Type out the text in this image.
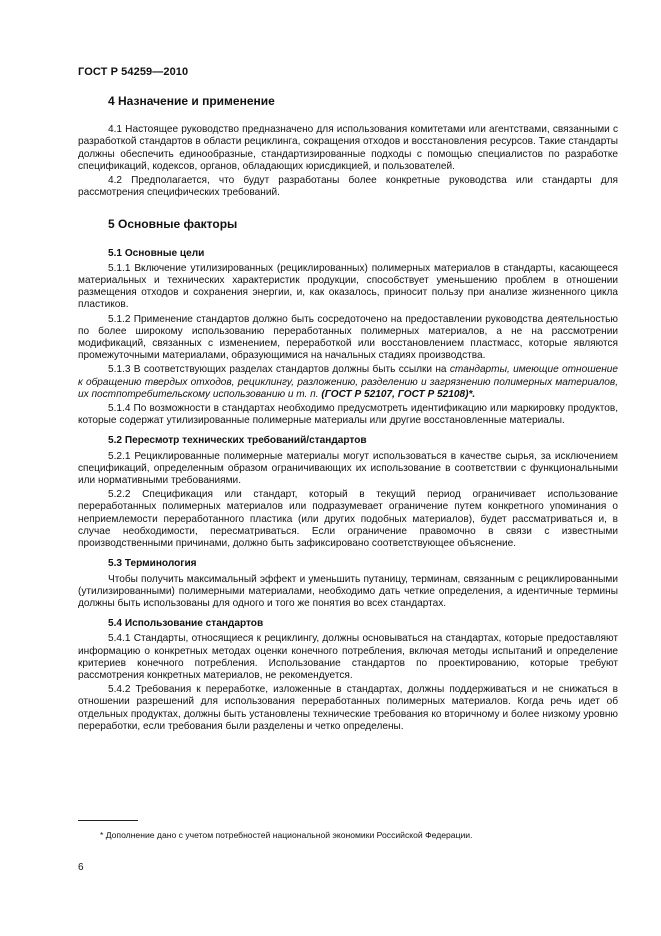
ГОСТ Р 54259—2010
4 Назначение и применение

4.1 Настоящее руководство предназначено для использования комитетами или агентствами, связанными с разработкой стандартов в области рециклинга, сокращения отходов и восстановления ресурсов. Такие стандарты должны обеспечить единообразные, стандартизированные подходы с помощью специалистов по разработке спецификаций, кодексов, органов, обладающих юрисдикцией, и пользователей.

4.2 Предполагается, что будут разработаны более конкретные руководства или стандарты для рассмотрения специфических требований.

5 Основные факторы
5.1 Основные цели

5.1.1 Включение утилизированных (рециклированных) полимерных материалов в стандарты, касающееся материальных и технических характеристик продукции, способствует уменьшению проблем в отношении размещения отходов и сохранения энергии, и, как оказалось, приносит пользу при анализе жизненного цикла пластиков.

5.1.2 Применение стандартов должно быть сосредоточено на предоставлении руководства деятельностью по более широкому использованию переработанных полимерных материалов, а не на рассмотрении модификаций, связанных с изменением, переработкой или восстановлением пластмасс, которые являются промежуточными материалами, образующимися на начальных стадиях производства.

5.1.3 В соответствующих разделах стандартов должны быть ссылки на стандарты, имеющие отношение к обращению твердых отходов, рециклингу, разложению, разделению и загрязнению полимерных материалов, их постпотребительскому использованию и т. п. (ГОСТ Р 52107, ГОСТ Р 52108)*.

5.1.4 По возможности в стандартах необходимо предусмотреть идентификацию или маркировку продуктов, которые содержат утилизированные полимерные материалы или другие восстановленные материалы.

5.2 Пересмотр технических требований/стандартов

5.2.1 Рециклированные полимерные материалы могут использоваться в качестве сырья, за исключением спецификаций, определенным образом ограничивающих их использование в соответствии с функциональными или нормативными требованиями.

5.2.2 Спецификация или стандарт, который в текущий период ограничивает использование переработанных полимерных материалов или подразумевает ограничение путем конкретного упоминания о неприемлемости переработанного пластика (или других подобных материалов), будет рассматриваться и, в случае необходимости, пересматриваться. Если ограничение правомочно в связи с известными производственными причинами, должно быть зафиксировано соответствующее объяснение.

5.3 Терминология

Чтобы получить максимальный эффект и уменьшить путаницу, терминам, связанным с рециклированными (утилизированными) полимерными материалами, необходимо дать четкие определения, а идентичные термины должны быть использованы для одного и того же понятия во всех стандартах.

5.4 Использование стандартов

5.4.1 Стандарты, относящиеся к рециклингу, должны основываться на стандартах, которые предоставляют информацию о конкретных методах оценки конечного потребления, включая методы испытаний и определение критериев конечного потребления. Использование стандартов по проектированию, которые требуют рассмотрения конкретных материалов, не рекомендуется.

5.4.2 Требования к переработке, изложенные в стандартах, должны поддерживаться и не снижаться в отношении разрешений для использования переработанных полимерных материалов. Когда речь идет об отдельных продуктах, должны быть установлены технические требования ко вторичному и более низкому уровню переработки, если требования были разделены и четко определены.

* Дополнение дано с учетом потребностей национальной экономики Российской Федерации.
6
